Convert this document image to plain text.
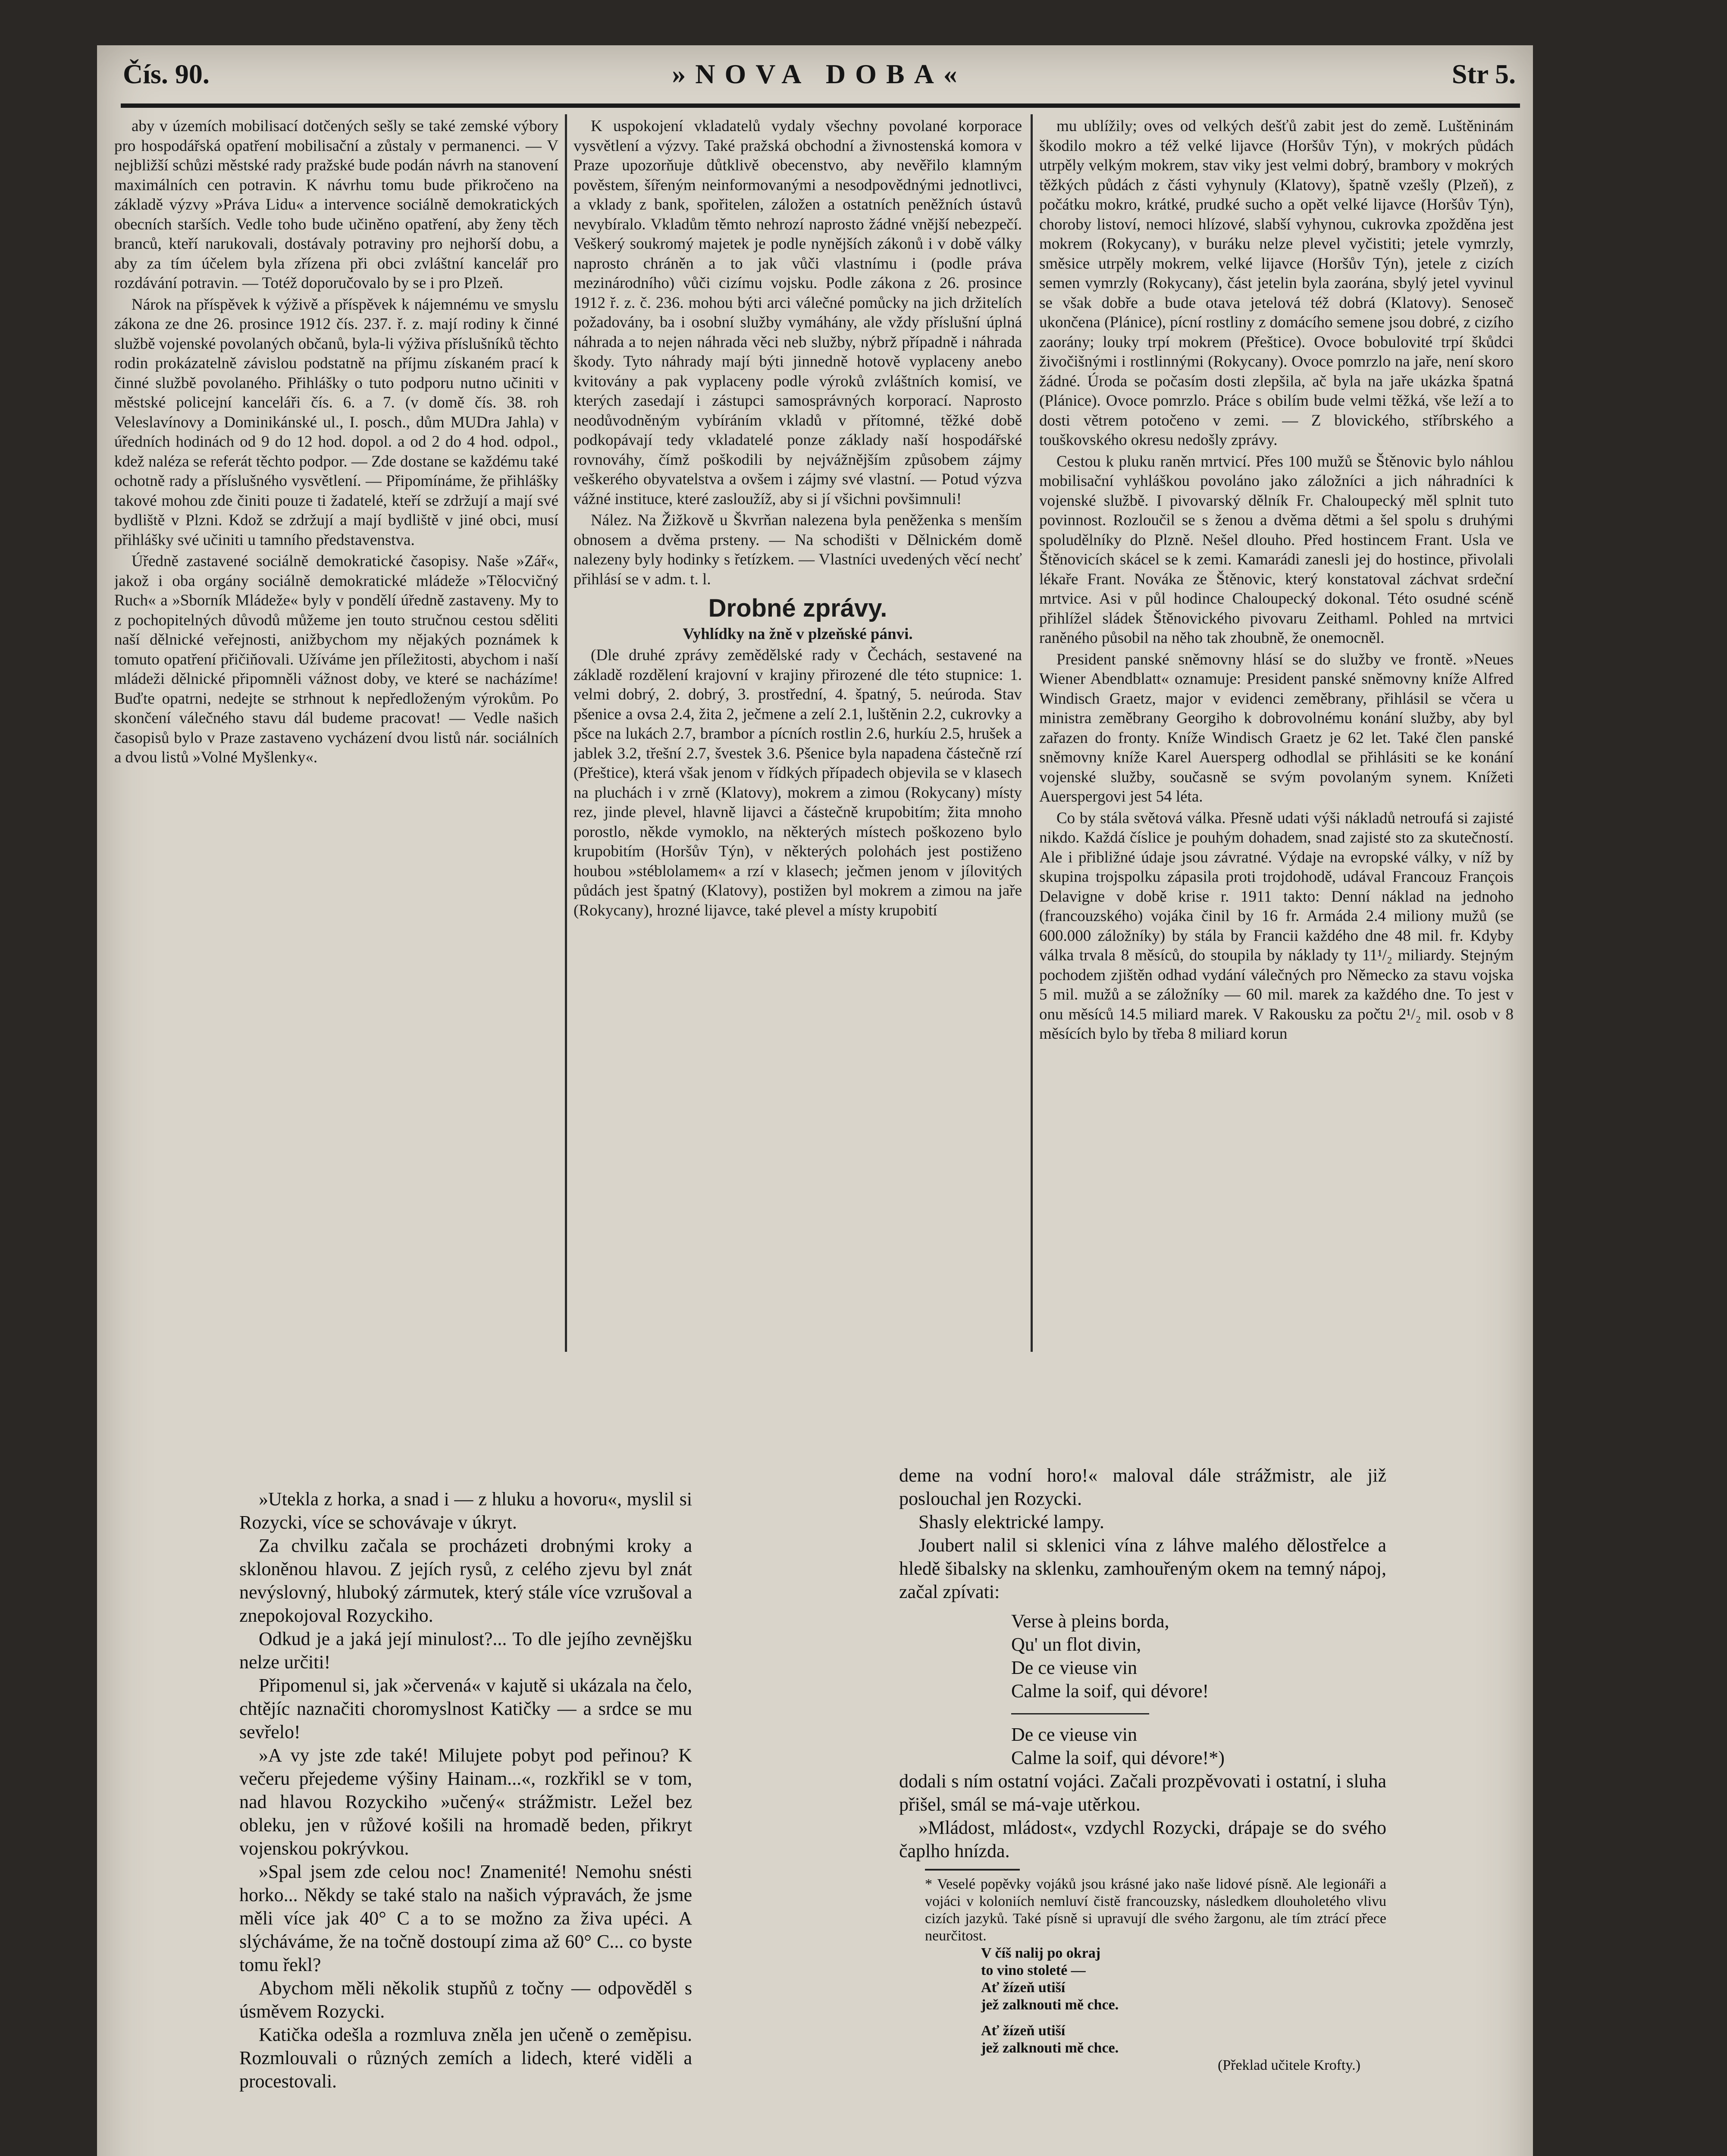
Čís. 90.	»NOVA DOBA«	Str 5.

aby v územích mobilisací dotčených sešly se také zemské výbory pro hospodářská opatření mobilisační a zůstaly v permanenci. — V nejbližší schůzi městské rady pražské bude podán návrh na stanovení maximálních cen potravin. K návrhu tomu bude přikročeno na základě výzvy »Práva Lidu« a intervence sociálně demokratických obecních starších. Vedle toho bude učiněno opatření, aby ženy těch branců, kteří narukovali, dostávaly potraviny pro nejhorší dobu, a aby za tím účelem byla zřízena při obci zvláštní kancelář pro rozdávání potravin. — Totéž doporučovalo by se i pro Plzeň.

Nárok na příspěvek k výživě a příspěvek k nájemnému ve smyslu zákona ze dne 26. prosince 1912 čís. 237. ř. z. mají rodiny k činné službě vojenské povolaných občanů, byla-li výživa příslušníků těchto rodin prokázatelně závislou podstatně na příjmu získaném prací k činné službě povolaného. Přihlášky o tuto podporu nutno učiniti v městské policejní kanceláři čís. 6. a 7. (v domě čís. 38. roh Veleslavínovy a Dominikánské ul., I. posch., dům MUDra Jahla) v úředních hodinách od 9 do 12 hod. dopol. a od 2 do 4 hod. odpol., kdež naléza se referát těchto podpor. — Zde dostane se každému také ochotně rady a příslušného vysvětlení. — Připomínáme, že přihlášky takové mohou zde činiti pouze ti žadatelé, kteří se zdržují a mají své bydliště v Plzni. Kdož se zdržují a mají bydliště v jiné obci, musí přihlášky své učiniti u tamního představenstva.

Úředně zastavené sociálně demokratické časopisy. Naše »Zář«, jakož i oba orgány sociálně demokratické mládeže »Tělocvičný Ruch« a »Sborník Mládeže« byly v pondělí úředně zastaveny. My to z pochopitelných důvodů můžeme jen touto stručnou cestou sděliti naší dělnické veřejnosti, anižbychom my nějakých poznámek k tomuto opatření přičiňovali. Užíváme jen příležitosti, abychom i naší mládeži dělnické připomněli vážnost doby, ve které se nacházíme! Buďte opatrni, nedejte se strhnout k nepředloženým výrokům. Po skončení válečného stavu dál budeme pracovat! — Vedle našich časopisů bylo v Praze zastaveno vycházení dvou listů nár. sociálních a dvou listů »Volné Myšlenky«.

K uspokojení vkladatelů vydaly všechny povolané korporace vysvětlení a výzvy. Také pražská obchodní a živnostenská komora v Praze upozorňuje důtklivě obecenstvo, aby nevěřilo klamným pověstem, šířeným neinformovanými a nesodpovědnými jednotlivci, a vklady z bank, spořitelen, záložen a ostatních peněžních ústavů nevybíralo. Vkladům těmto nehrozí naprosto žádné vnější nebezpečí. Veškerý soukromý majetek je podle nynějších zákonů i v době války naprosto chráněn a to jak vůči vlastnímu i (podle práva mezinárodního) vůči cizímu vojsku. Podle zákona z 26. prosince 1912 ř. z. č. 236. mohou býti arci válečné pomůcky na jich držitelích požadovány, ba i osobní služby vymáhány, ale vždy příslušní úplná náhrada a to nejen náhrada věci neb služby, nýbrž případně i náhrada škody. Tyto náhrady mají býti jinnedně hotově vyplaceny anebo kvitovány a pak vyplaceny podle výroků zvláštních komisí, ve kterých zasedají i zástupci samosprávných korporací. Naprosto neodůvodněným vybíráním vkladů v přítomné, těžké době podkopávají tedy vkladatelé ponze základy naší hospodářské rovnováhy, čímž poškodili by nejvážnějším způsobem zájmy veškerého obyvatelstva a ovšem i zájmy své vlastní. — Potud výzva vážné instituce, které zasloužíž, aby si jí všichni povšimnuli!

Nález. Na Žižkově u Škvrňan nalezena byla peněženka s menším obnosem a dvěma prsteny. — Na schodišti v Dělnickém domě nalezeny byly hodinky s řetízkem. — Vlastníci uvedených věcí nechť přihlásí se v adm. t. l.

Drobné zprávy.

Vyhlídky na žně v plzeňské pánvi.

(Dle druhé zprávy zemědělské rady v Čechách, sestavené na základě rozdělení krajovní v krajiny přirozené dle této stupnice: 1. velmi dobrý, 2. dobrý, 3. prostřední, 4. špatný, 5. neúroda. Stav pšenice a ovsa 2.4, žita 2, ječmene a zelí 2.1, luštěnin 2.2, cukrovky a pšce na lukách 2.7, brambor a pícních rostlin 2.6, hurkíu 2.5, hrušek a jablek 3.2, třešní 2.7, švestek 3.6. Pšenice byla napadena částečně rzí (Přeštice), která však jenom v řídkých případech objevila se v klasech na pluchách i v zrně (Klatovy), mokrem a zimou (Rokycany) místy rez, jinde plevel, hlavně lijavci a částečně krupobitím; žita mnoho porostlo, někde vymoklo, na některých místech poškozeno bylo krupobitím (Horšův Týn), v některých polohách jest postiženo houbou »stéblolamem« a rzí v klasech; ječmen jenom v jílovitých půdách jest špatný (Klatovy), postižen byl mokrem a zimou na jaře (Rokycany), hrozné lijavce, také plevel a místy krupobití

mu ublížily; oves od velkých dešťů zabit jest do země. Luštěninám škodilo mokro a též velké lijavce (Horšův Týn), v mokrých půdách utrpěly velkým mokrem, stav viky jest velmi dobrý, brambory v mokrých těžkých půdách z části vyhynuly (Klatovy), špatně vzešly (Plzeň), z počátku mokro, krátké, prudké sucho a opět velké lijavce (Horšův Týn), choroby listoví, nemoci hlízové, slabší vyhynou, cukrovka zpožděna jest mokrem (Rokycany), v buráku nelze plevel vyčistiti; jetele vymrzly, směsice utrpěly mokrem, velké lijavce (Horšův Týn), jetele z cizích semen vymrzly (Rokycany), část jetelin byla zaorána, sbylý jetel vyvinul se však dobře a bude otava jetelová též dobrá (Klatovy). Senoseč ukončena (Plánice), pícní rostliny z domácího semene jsou dobré, z cizího zaorány; louky trpí mokrem (Přeštice). Ovoce bobulovité trpí škůdci živočišnými i rostlinnými (Rokycany). Ovoce pomrzlo na jaře, není skoro žádné. Úroda se počasím dosti zlepšila, ač byla na jaře ukázka špatná (Plánice). Ovoce pomrzlo. Práce s obilím bude velmi těžká, vše leží a to dosti větrem potočeno v zemi. — Z blovického, stříbrského a touškovského okresu nedošly zprávy.

Cestou k pluku raněn mrtvicí. Přes 100 mužů se Štěnovic bylo náhlou mobilisační vyhláškou povoláno jako záložníci a jich náhradníci k vojenské službě. I pivovarský dělník Fr. Chaloupecký měl splnit tuto povinnost. Rozloučil se s ženou a dvěma dětmi a šel spolu s druhými spoludělníky do Plzně. Nešel dlouho. Před hostincem Frant. Usla ve Štěnovicích skácel se k zemi. Kamarádi zanesli jej do hostince, přivolali lékaře Frant. Nováka ze Štěnovic, který konstatoval záchvat srdeční mrtvice. Asi v půl hodince Chaloupecký dokonal. Této osudné scéně přihlížel sládek Štěnovického pivovaru Zeithaml. Pohled na mrtvici raněného působil na něho tak zhoubně, že onemocněl.

President panské sněmovny hlásí se do služby ve frontě. »Neues Wiener Abendblatt« oznamuje: President panské sněmovny kníže Alfred Windisch Graetz, major v evidenci zeměbrany, přihlásil se včera u ministra zeměbrany Georgiho k dobrovolnému konání služby, aby byl zařazen do fronty. Kníže Windisch Graetz je 62 let. Také člen panské sněmovny kníže Karel Auersperg odhodlal se přihlásiti se ke konání vojenské služby, současně se svým povolaným synem. Knížeti Auerspergovi jest 54 léta.

Co by stála světová válka. Přesně udati výši nákladů netroufá si zajisté nikdo. Každá číslice je pouhým dohadem, snad zajisté sto za skutečností. Ale i přibližné údaje jsou závratné. Výdaje na evropské války, v níž by skupina trojspolku zápasila proti trojdohodě, udával Francouz François Delavigne v době krise r. 1911 takto: Denní náklad na jednoho (francouzského) vojáka činil by 16 fr. Armáda 2.4 miliony mužů (se 600.000 záložníky) by stála by Francii každého dne 48 mil. fr. Kdyby válka trvala 8 měsíců, do stoupila by náklady ty 11¹/₂ miliardy. Stejným pochodem zjištěn odhad vydání válečných pro Německo za stavu vojska 5 mil. mužů a se záložníky — 60 mil. marek za každého dne. To jest v onu měsíců 14.5 miliard marek. V Rakousku za počtu 2¹/₂ mil. osob v 8 měsících bylo by třeba 8 miliard korun

»Utekla z horka, a snad i — z hluku a hovoru«, myslil si Rozycki, více se schovávaje v úkryt.

Za chvilku začala se procházeti drobnými kroky a skloněnou hlavou. Z jejích rysů, z celého zjevu byl znát nevýslovný, hluboký zármutek, který stále více vzrušoval a znepokojoval Rozyckiho.

Odkud je a jaká její minulost?... To dle jejího zevnějšku nelze určiti!

Připomenul si, jak »červená« v kajutě si ukázala na čelo, chtějíc naznačiti choromyslnost Katičky — a srdce se mu sevřelo!

»A vy jste zde také! Milujete pobyt pod peřinou? K večeru přejedeme výšiny Hainam...«, rozkřikl se v tom, nad hlavou Rozyckiho »učený« strážmistr. Ležel bez obleku, jen v růžové košili na hromadě beden, přikryt vojenskou pokrývkou.

»Spal jsem zde celou noc! Znamenité! Nemohu snésti horko... Někdy se také stalo na našich výpravách, že jsme měli více jak 40° C a to se možno za živa upéci. A slýcháváme, že na točně dostoupí zima až 60° C... co byste tomu řekl?

Abychom měli několik stupňů z točny — odpověděl s úsměvem Rozycki.

Katička odešla a rozmluva zněla jen učeně o zeměpisu. Rozmlouvali o různých zemích a lidech, které viděli a procestovali.

deme na vodní horo!« maloval dále strážmistr, ale již poslouchal jen Rozycki.

Shasly elektrické lampy.

Joubert nalil si sklenici vína z láhve malého dělostřelce a hledě šibalsky na sklenku, zamhouřeným okem na temný nápoj, začal zpívati:

Verse à pleins borda,
Qu' un flot divin,
De ce vieuse vin
Calme la soif, qui dévore!
De ce vieuse vin
Calme la soif, qui dévore!*)

dodali s ním ostatní vojáci. Začali prozpěvovati i ostatní, i sluha přišel, smál se má-vaje utěrkou.

»Mládost, mládost«, vzdychl Rozycki, drápaje se do svého čaplho hnízda.

* Veselé popěvky vojáků jsou krásné jako naše lidové písně. Ale legionáři a vojáci v koloniích nemluví čistě francouzsky, následkem dlouholetého vlivu cizích jazyků. Také písně si upravují dle svého žargonu, ale tím ztrácí přece neurčitost.

V číš nalij po okraj

to vino stoleté —

Ať žízeň utiší

jež zalknouti mě chce.

Ať žízeň utiší

jež zalknouti mě chce.

(Překlad učitele Krofty.)
